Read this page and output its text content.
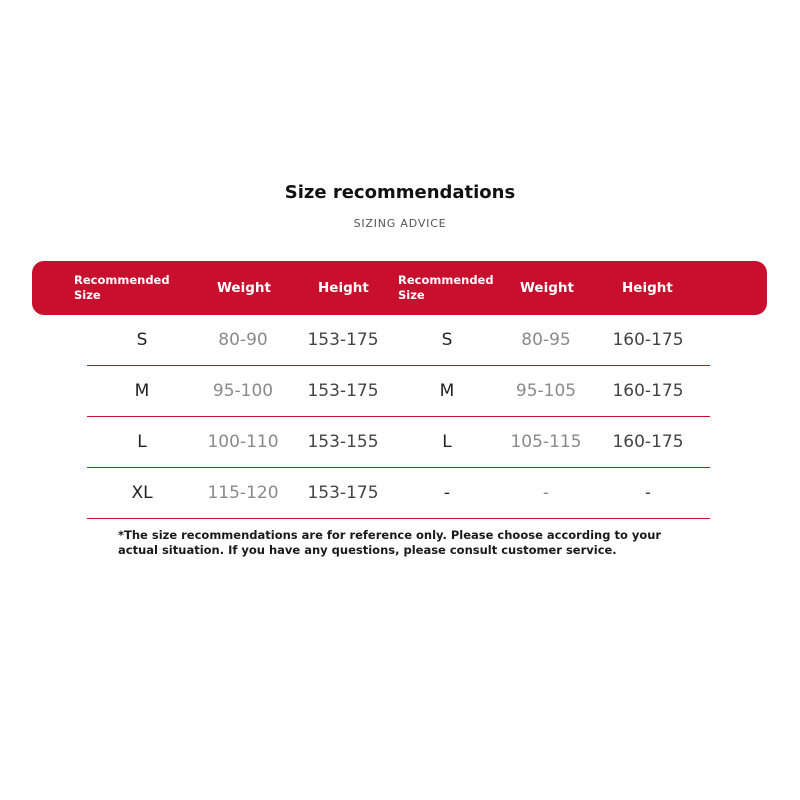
Size recommendations
SIZING ADVICE
Recommended Size	Weight	Height	Recommended Size	Weight	Height
S	80-90	153-175	S	80-95	160-175
M	95-100	153-175	M	95-105	160-175
L	100-110	153-155	L	105-115	160-175
XL	115-120	153-175	-	-	-
*The size recommendations are for reference only. Please choose according to your actual situation. If you have any questions, please consult customer service.
